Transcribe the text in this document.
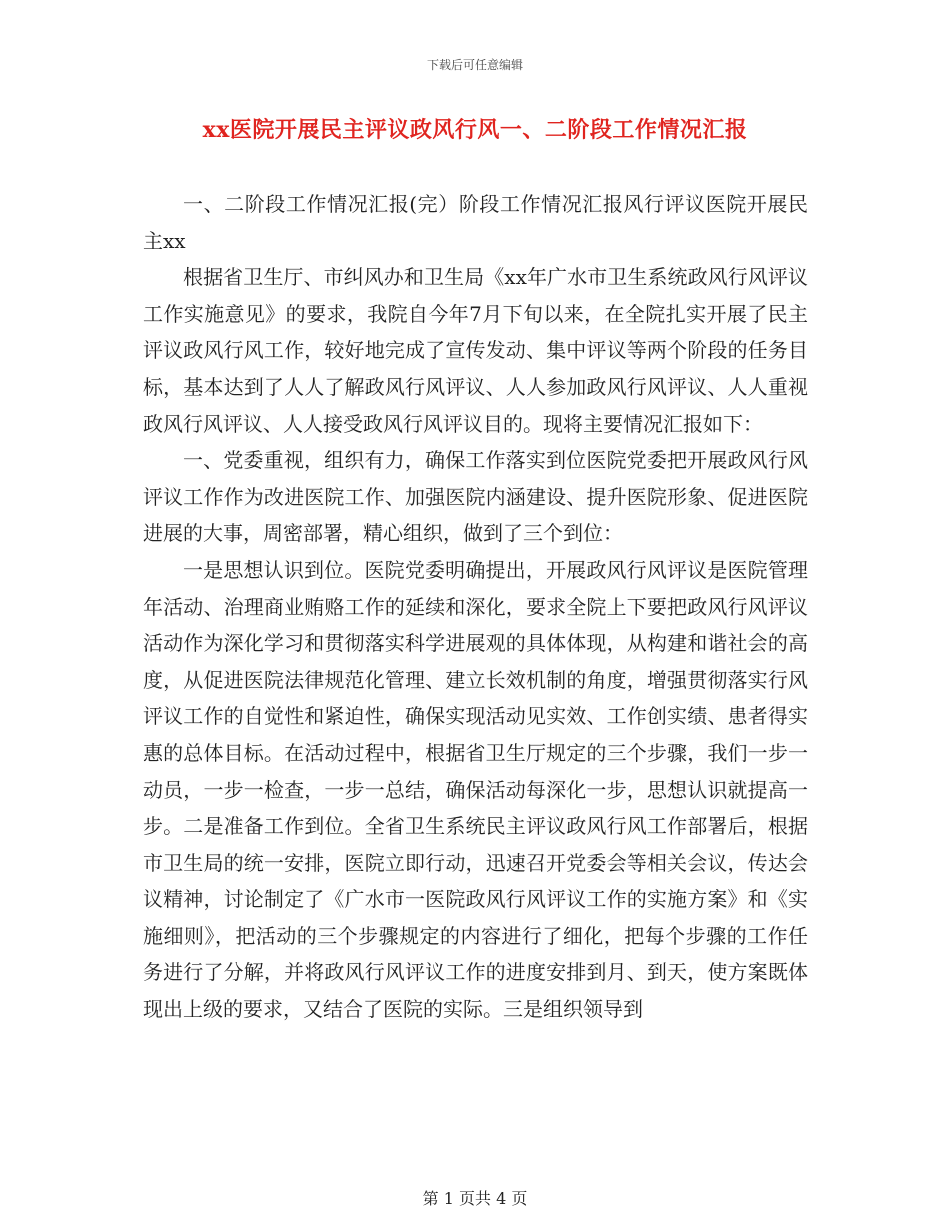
下载后可任意编辑
xx医院开展民主评议政风行风一、二阶段工作情况汇报

一、二阶段工作情况汇报(完）阶段工作情况汇报风行评议医院开展民主xx

根据省卫生厅、市纠风办和卫生局《xx年广水市卫生系统政风行风评议工作实施意见》的要求，我院自今年7月下旬以来，在全院扎实开展了民主评议政风行风工作，较好地完成了宣传发动、集中评议等两个阶段的任务目标，基本达到了人人了解政风行风评议、人人参加政风行风评议、人人重视政风行风评议、人人接受政风行风评议目的。现将主要情况汇报如下：

一、党委重视，组织有力，确保工作落实到位医院党委把开展政风行风评议工作作为改进医院工作、加强医院内涵建设、提升医院形象、促进医院进展的大事，周密部署，精心组织，做到了三个到位：

一是思想认识到位。医院党委明确提出，开展政风行风评议是医院管理年活动、治理商业贿赂工作的延续和深化，要求全院上下要把政风行风评议活动作为深化学习和贯彻落实科学进展观的具体体现，从构建和谐社会的高度，从促进医院法律规范化管理、建立长效机制的角度，增强贯彻落实行风评议工作的自觉性和紧迫性，确保实现活动见实效、工作创实绩、患者得实惠的总体目标。在活动过程中，根据省卫生厅规定的三个步骤，我们一步一动员，一步一检查，一步一总结，确保活动每深化一步，思想认识就提高一步。二是准备工作到位。全省卫生系统民主评议政风行风工作部署后，根据市卫生局的统一安排，医院立即行动，迅速召开党委会等相关会议，传达会议精神，讨论制定了《广水市一医院政风行风评议工作的实施方案》和《实施细则》，把活动的三个步骤规定的内容进行了细化，把每个步骤的工作任务进行了分解，并将政风行风评议工作的进度安排到月、到天，使方案既体现出上级的要求，又结合了医院的实际。三是组织领导到

第 1 页共 4 页
